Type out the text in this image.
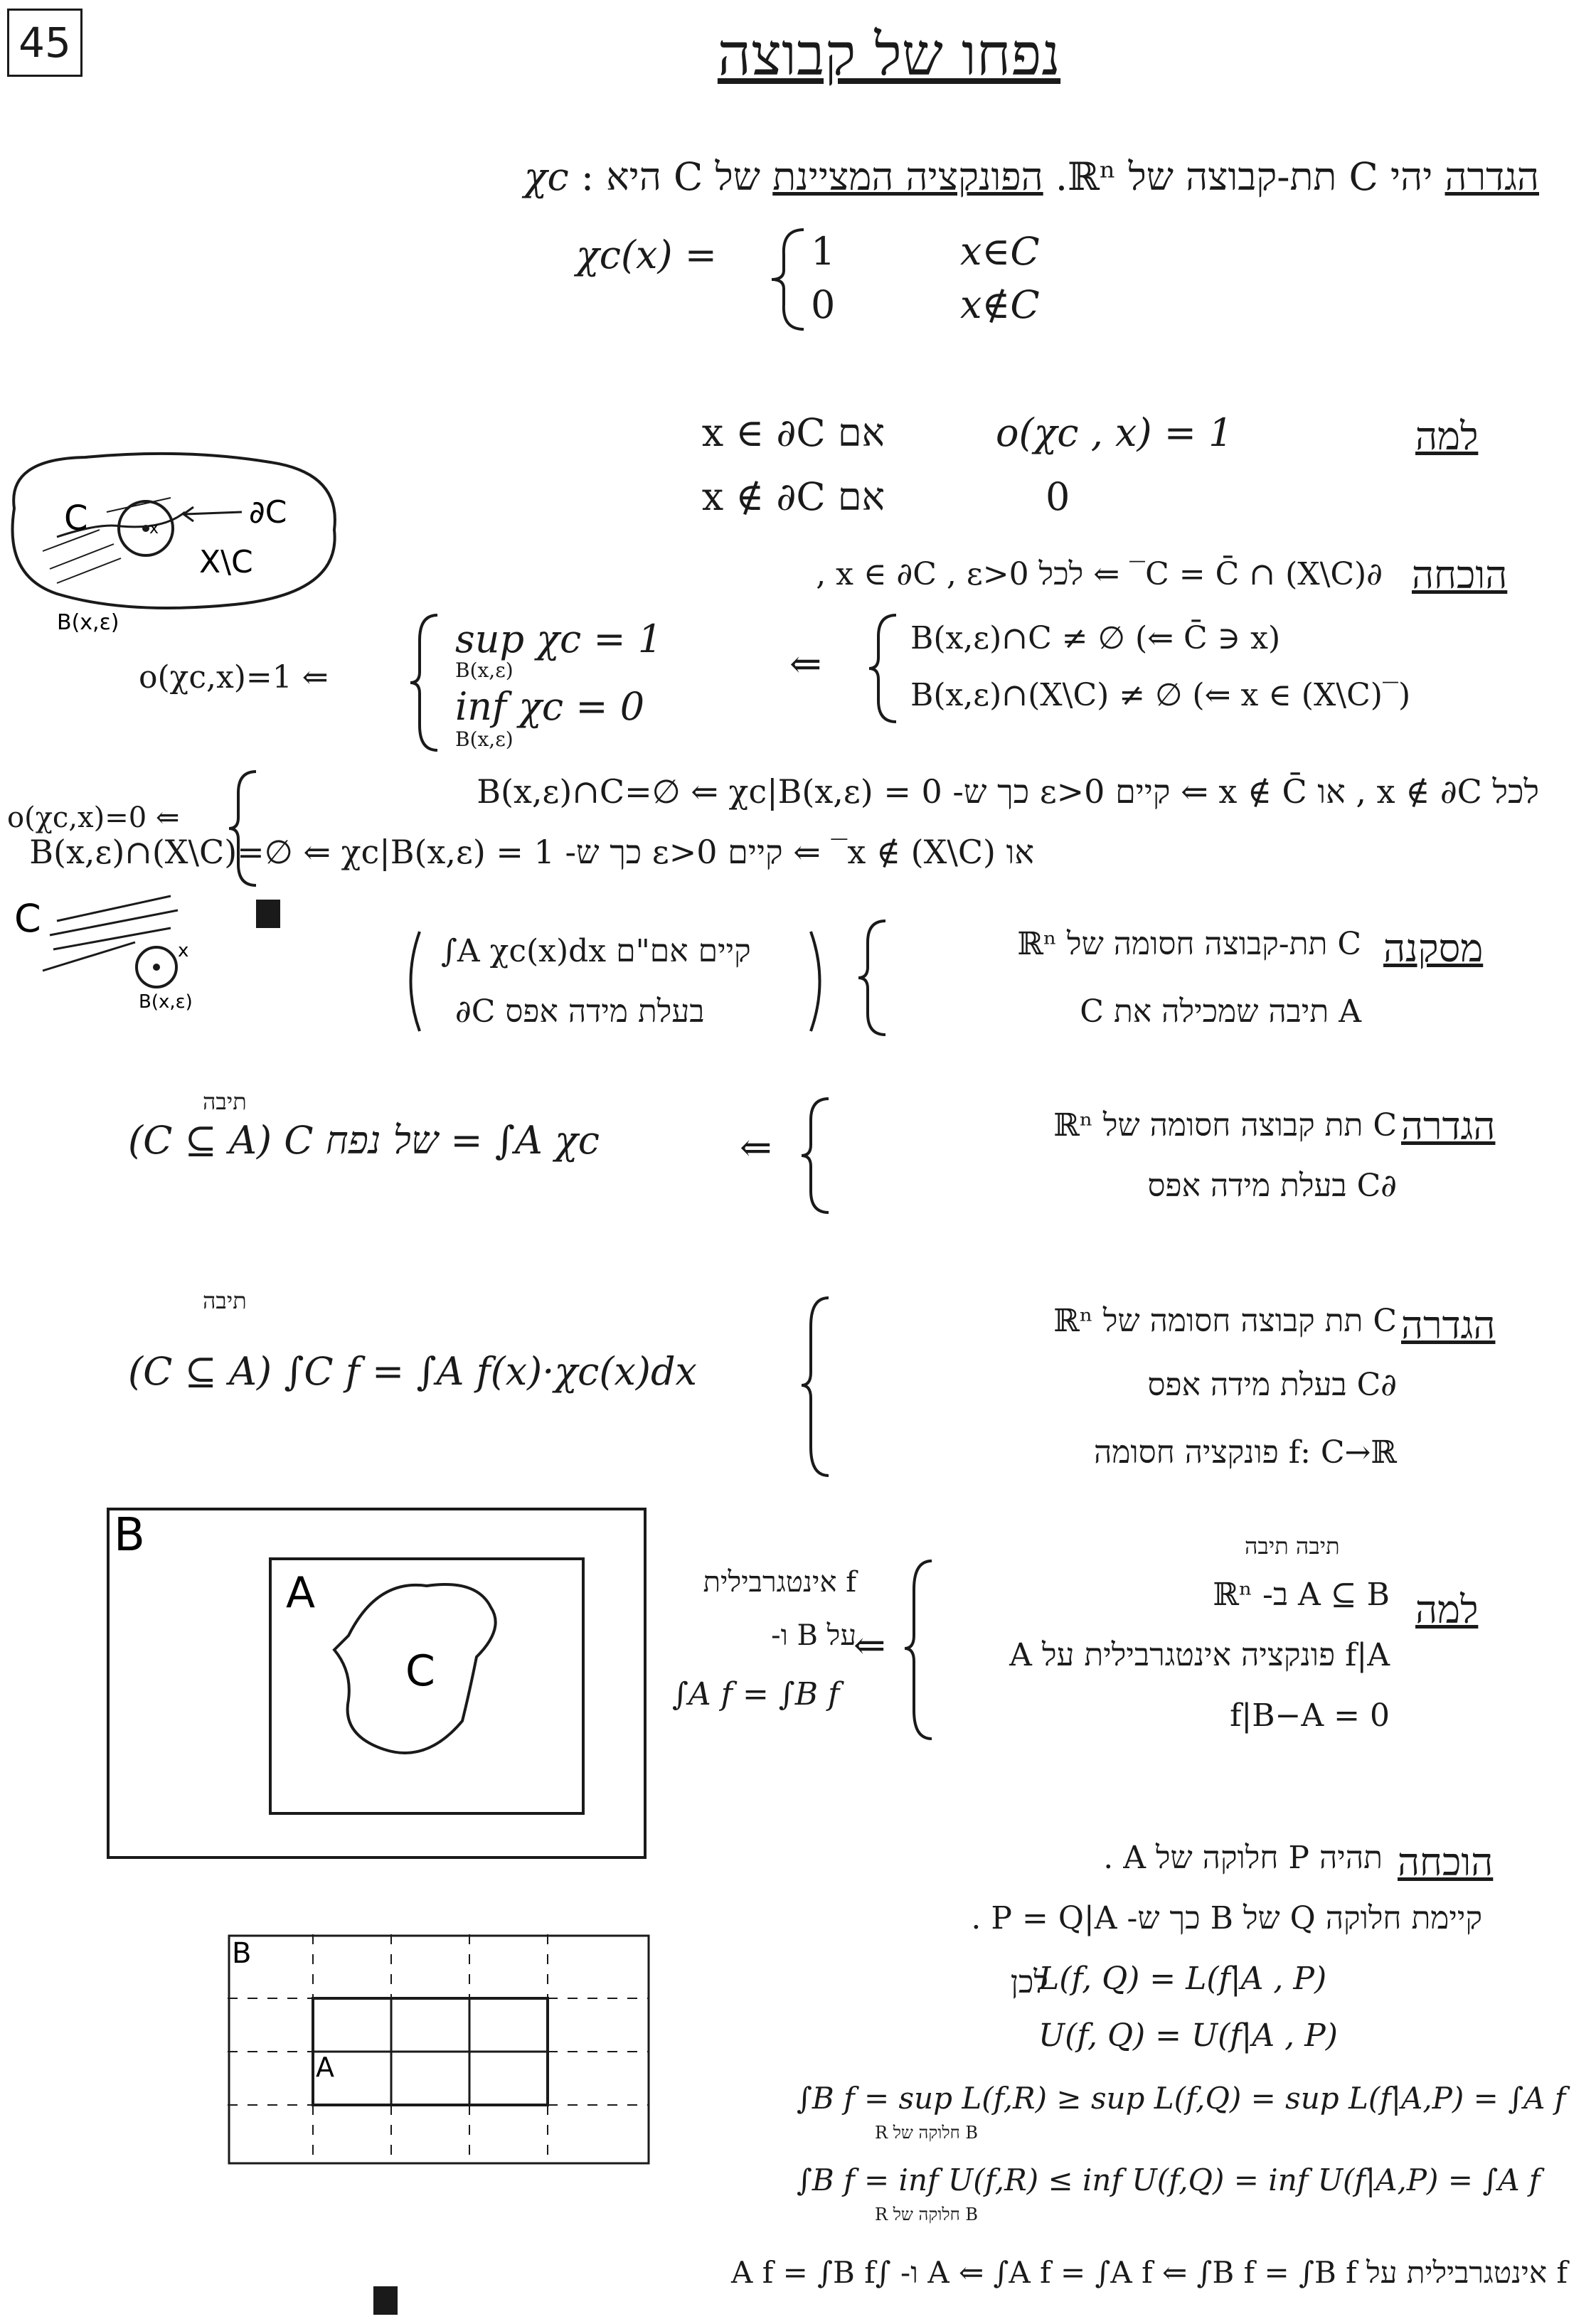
45	נפחו של קבוצה
הגדרה יהי C תת-קבוצה של ℝⁿ. הפונקציה המציינת של C היא : χc
χc(x) = 1	x∈C
0	x∉C
למה
o(χc , x) = 1
אם x ∈ ∂C
0
אם x ∉ ∂C
C	∂C
X\C
B(x,ε)
x
הוכחה
∂C = C̄ ∩ (X\C)‾ ⇐ לכל x ∈ ∂C , ε>0 ,
B(x,ε)∩C ≠ ∅ (⇐ C̄ ∋ x)
B(x,ε)∩(X\C) ≠ ∅ (⇐ x ∈ (X\C)‾)
⇐
sup χc = 1
B(x,ε)
inf χc = 0
B(x,ε)
o(χc,x)=1 ⇐
לכל x ∉ ∂C , או x ∉ C̄ ⇐ קיים ε>0 כך ש- B(x,ε)∩C=∅ ⇐ χc|B(x,ε) = 0
או x ∉ (X\C)‾ ⇐ קיים ε>0 כך ש- B(x,ε)∩(X\C)=∅ ⇐ χc|B(x,ε) = 1
o(χc,x)=0 ⇐
C
x
B(x,ε)
מסקנה
C תת-קבוצה חסומה של ℝⁿ
A תיבה שמכילה את C
∫A χc(x)dx קיים אם"ם
∂C בעלת מידה אפס
הגדרה
C תת קבוצה חסומה של ℝⁿ
∂C בעלת מידה אפס
⇐
תיבה
(C ⊆ A) C של נפח = ∫A χc
הגדרה
C תת קבוצה חסומה של ℝⁿ
∂C בעלת מידה אפס
f: C→ℝ פונקציה חסומה
תיבה
(C ⊆ A) ∫C f = ∫A f(x)·χc(x)dx
B
A
C
למה
תיבה תיבה
A ⊆ B ב- ℝⁿ
f|A פונקציה אינטגרבילית על A
f|B−A = 0
⇐
f אינטגרבילית
על B ו-
∫A f = ∫B f
B
A
הוכחה
תהיה P חלוקה של A .
קיימת חלוקה Q של B כך ש- P = Q|A .
לכן
L(f, Q) = L(f|A , P)
U(f, Q) = U(f|A , P)
∫B f = sup L(f,R) ≥ sup L(f,Q) = sup L(f|A,P) = ∫A f
R חלוקה של B
∫B f = inf U(f,R) ≤ inf U(f,Q) = inf U(f|A,P) = ∫A f
R חלוקה של B
f אינטגרבילית על A ⇐ ∫A f = ∫A f ⇐ ∫B f = ∫B f ו- ∫A f = ∫B f
